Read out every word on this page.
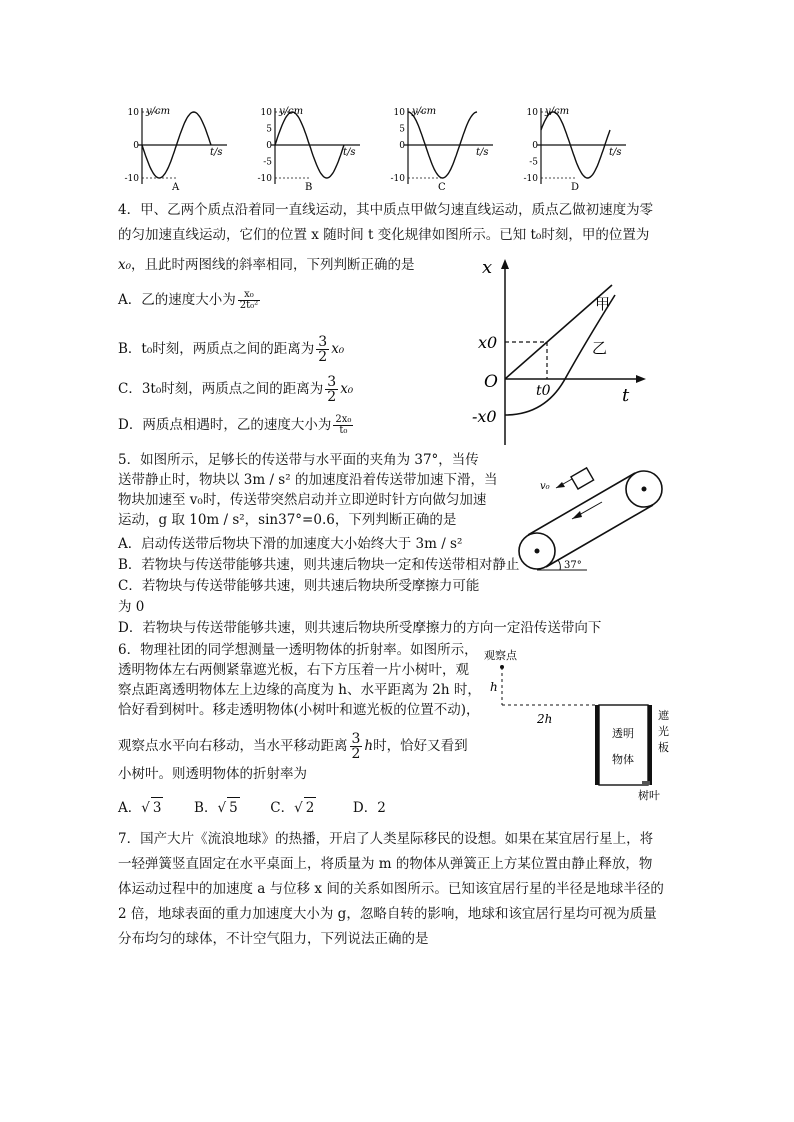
y/cm
t/s
10
0
-10
A
y/cm
t/s
10
5
0
-5
-10
B
y/cm
t/s
10
5
0
-10
C
y/cm
t/s
10
0
-5
-10
D
4．甲、乙两个质点沿着同一直线运动，其中质点甲做匀速直线运动，质点乙做初速度为零
的匀加速直线运动，它们的位置 x 随时间 t 变化规律如图所示。已知 t₀时刻，甲的位置为
x₀，且此时两图线的斜率相同，下列判断正确的是
A．乙的速度大小为 $\frac{\text{x₀}}{\text{2t₀²}}$
B．t₀时刻，两质点之间的距离为 $\frac{3}{2} x_0$
C．3t₀时刻，两质点之间的距离为 $\frac{3}{2} x_0$
D．两质点相遇时，乙的速度大小为 $\frac{\text{2x₀}}{\text{t₀}}$
x
t
O
x0
-x0
t0
甲
乙
5．如图所示，足够长的传送带与水平面的夹角为 37°，当传
送带静止时，物块以 3m / s² 的加速度沿着传送带加速下滑，当
物块加速至 v₀时，传送带突然启动并立即逆时针方向做匀加速
运动，g 取 10m / s²，sin37°=0.6，下列判断正确的是
A．启动传送带后物块下滑的加速度大小始终大于 3m / s²
B．若物块与传送带能够共速，则共速后物块一定和传送带相对静止
C．若物块与传送带能够共速，则共速后物块所受摩擦力可能
为 0
D．若物块与传送带能够共速，则共速后物块所受摩擦力的方向一定沿传送带向下
v₀
37°
6．物理社团的同学想测量一透明物体的折射率。如图所示，
透明物体左右两侧紧靠遮光板，右下方压着一片小树叶，观
察点距离透明物体左上边缘的高度为 h、水平距离为 2h 时，
恰好看到树叶。移走透明物体(小树叶和遮光板的位置不动)，
观察点水平向右移动，当水平移动距离 $\frac{3}{2}$ h时，恰好又看到
小树叶。则透明物体的折射率为
A．√ 3 B．√ 5 C．√ 2	D．2
观察点
h
2h
透明
物体
遮
光
板
树叶
7．国产大片《流浪地球》的热播，开启了人类星际移民的设想。如果在某宜居行星上，将
一轻弹簧竖直固定在水平桌面上，将质量为 m 的物体从弹簧正上方某位置由静止释放，物
体运动过程中的加速度 a 与位移 x 间的关系如图所示。已知该宜居行星的半径是地球半径的
2 倍，地球表面的重力加速度大小为 g，忽略自转的影响，地球和该宜居行星均可视为质量
分布均匀的球体，不计空气阻力，下列说法正确的是
